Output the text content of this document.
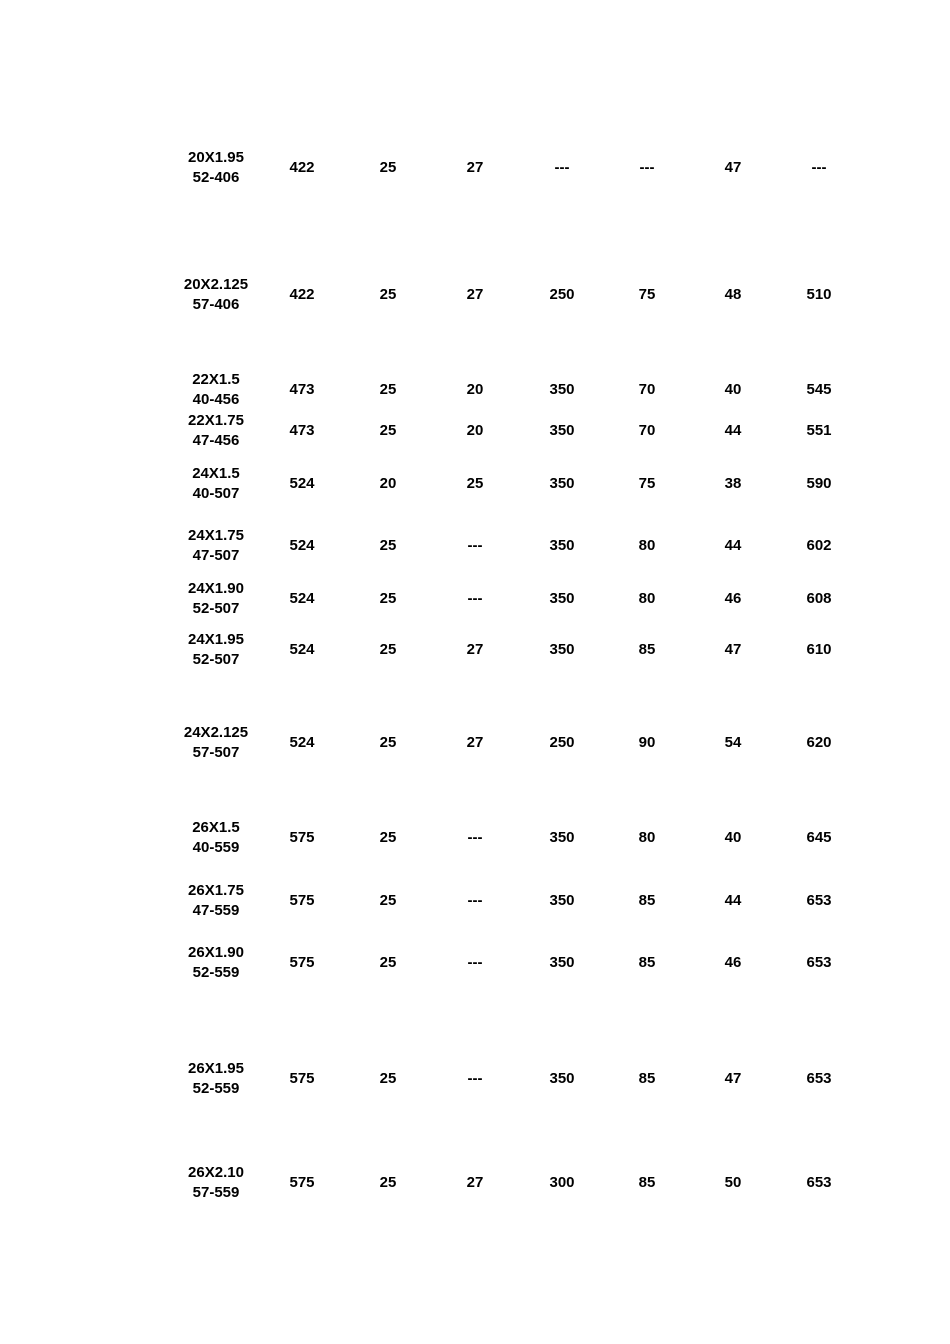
20X1.95
52-406
422	25	27	---	---	47	---
20X2.125
57-406
422	25	27	250	75	48	510
22X1.5
40-456
473	25	20	350	70	40	545
22X1.75
47-456
473	25	20	350	70	44	551
24X1.5
40-507
524	20	25	350	75	38	590
24X1.75
47-507
524	25	---	350	80	44	602
24X1.90
52-507
524	25	---	350	80	46	608
24X1.95
52-507
524	25	27	350	85	47	610
24X2.125
57-507
524	25	27	250	90	54	620
26X1.5
40-559
575	25	---	350	80	40	645
26X1.75
47-559
575	25	---	350	85	44	653
26X1.90
52-559
575	25	---	350	85	46	653
26X1.95
52-559
575	25	---	350	85	47	653
26X2.10
57-559
575	25	27	300	85	50	653
